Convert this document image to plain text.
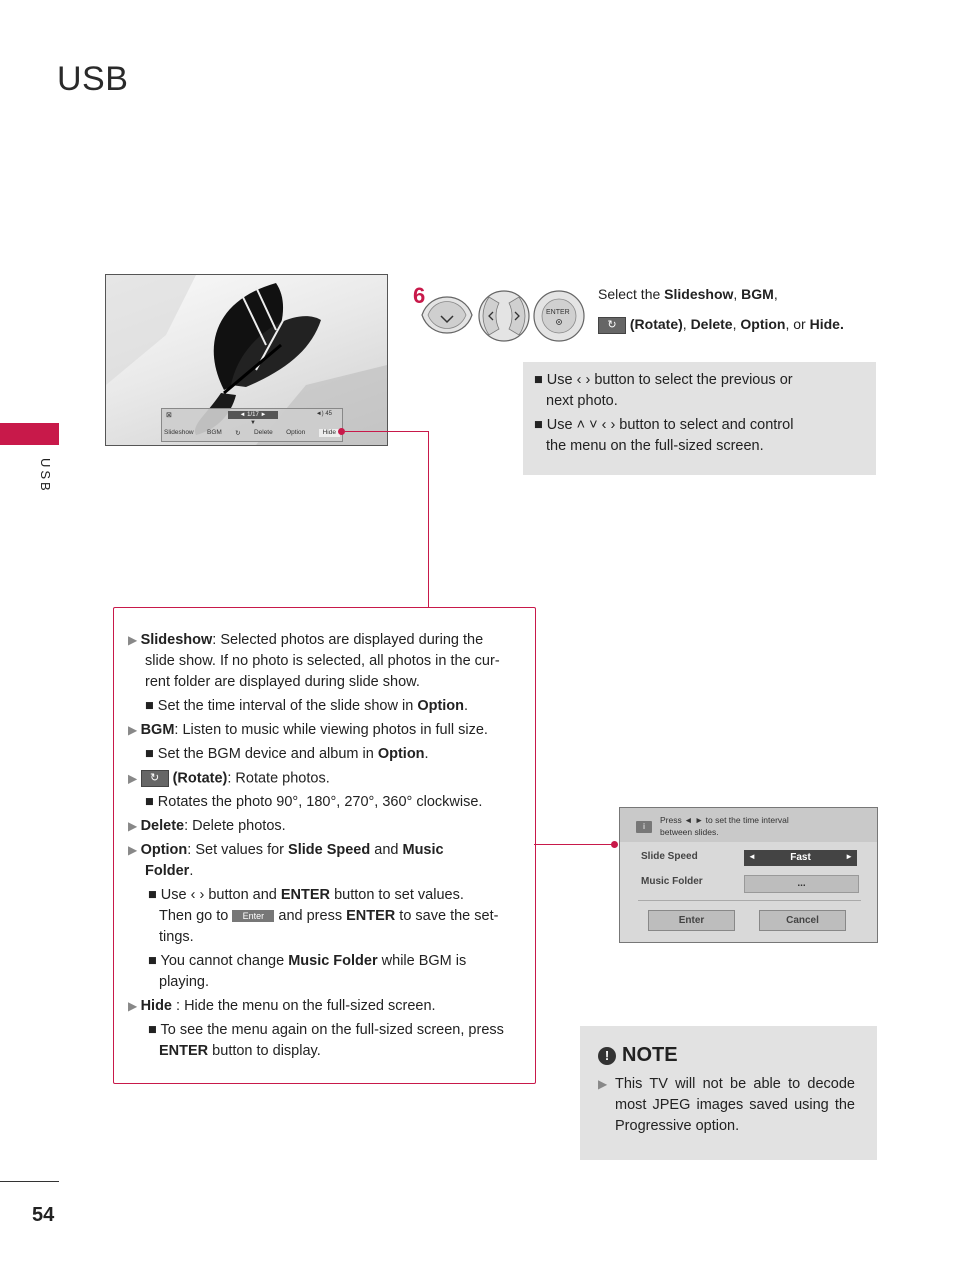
USB
USB
54
⊠	◄ 1/17 ►
▼
◄) 45
Slideshow BGM ↻ Delete Option	Hide
6
ENTER
Select the Slideshow, BGM,
↻ (Rotate), Delete, Option, or Hide.

■ Use ‹ › button to select the previous or

next photo.

■ Use ˄ ˅ ‹ › button to select and control

the menu on the full-sized screen.

▶ Slideshow: Selected photos are displayed during the
slide show. If no photo is selected, all photos in the cur-
rent folder are displayed during slide show.
■ Set the time interval of the slide show in Option.
▶ BGM: Listen to music while viewing photos in full size.
■ Set the BGM device and album in Option.
▶ ↻ (Rotate): Rotate photos.
■ Rotates the photo 90°, 180°, 270°, 360° clockwise.
▶ Delete: Delete photos.
▶ Option: Set values for Slide Speed and Music
Folder.
■ Use ‹ › button and ENTER button to set values.
Then go to Enter and press ENTER to save the set-
tings.
■ You cannot change Music Folder while BGM is
playing.
▶ Hide : Hide the menu on the full-sized screen.
■ To see the menu again on the full-sized screen, press
ENTER button to display.
i
Press ◄ ► to set the time interval
between slides.
Slide Speed	◄	Fast	►
Music Folder	...
Enter	Cancel
! NOTE
▶ This TV will not be able to decode most JPEG images saved using the Progressive option.
